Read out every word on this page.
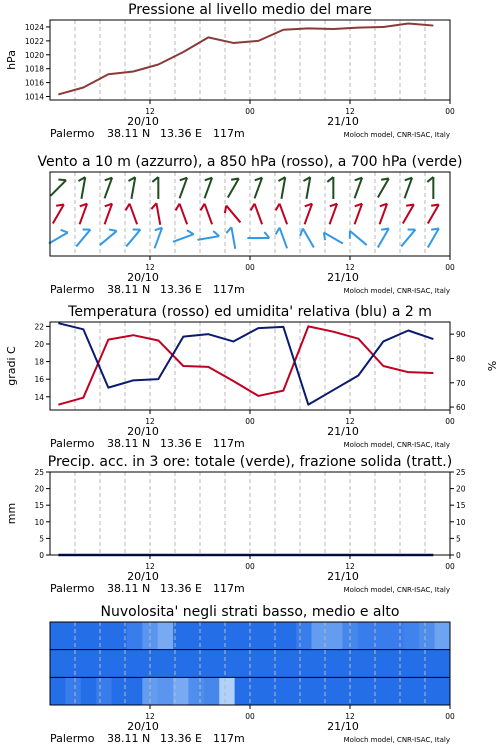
Pressione al livello medio del mare
1014
1016
1018
1020
1022
1024
hPa
12	00	12	00
20/10	21/10
Palermo 38.11 N 13.36 E 117m	Moloch model, CNR-ISAC, Italy
Vento a 10 m (azzurro), a 850 hPa (rosso), a 700 hPa (verde)
12	00	12	00
20/10	21/10
Palermo 38.11 N 13.36 E 117m	Moloch model, CNR-ISAC, Italy
Temperatura (rosso) ed umidita' relativa (blu) a 2 m
14
16
18
20
22
gradi C
60
70
80
90
%
12	00	12	00
20/10	21/10
Palermo 38.11 N 13.36 E 117m	Moloch model, CNR-ISAC, Italy
Precip. acc. in 3 ore: totale (verde), frazione solida (tratt.)
0	0
5	5
10	10
15	15
20	20
25	25
mm
12	00	12	00
20/10	21/10
Palermo 38.11 N 13.36 E 117m	Moloch model, CNR-ISAC, Italy
Nuvolosita' negli strati basso, medio e alto
12	00	12	00
20/10	21/10
Palermo 38.11 N 13.36 E 117m	Moloch model, CNR-ISAC, Italy
